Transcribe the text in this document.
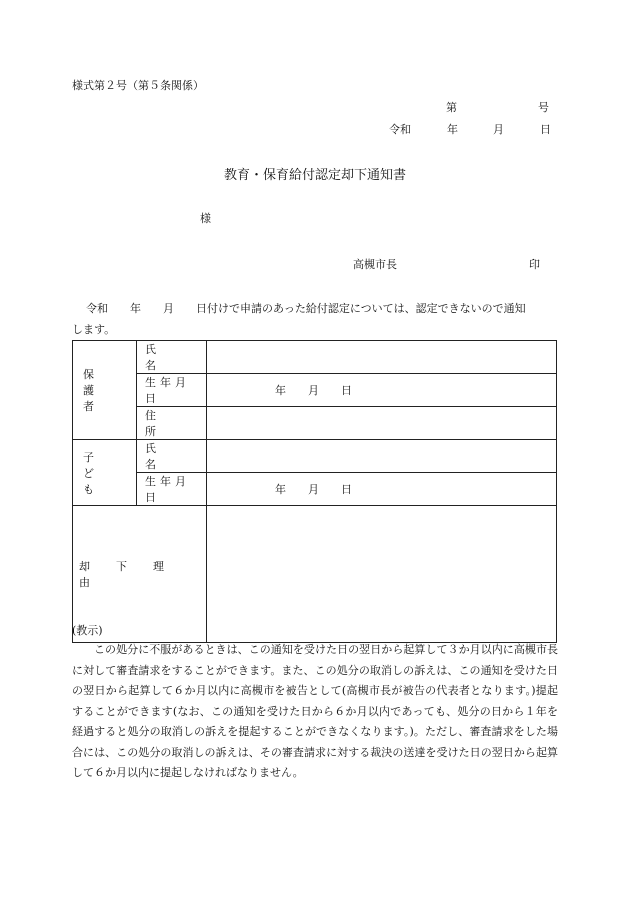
様式第２号（第５条関係）
第	号
令和	年	月	日
教育・保育給付認定却下通知書
様
高槻市長	印
令和　　年　　月　　日付けで申請のあった給付認定については、認定できないので通知
します。
保護者	氏名	

	生年月日	年　　月　　日

	住所	

子ども	氏名	

	生年月日	年　　月　　日

却下理由		

(教示)

この処分に不服があるときは、この通知を受けた日の翌日から起算して３か月以内に高槻市長に対して審査請求をすることができます。また、この処分の取消しの訴えは、この通知を受けた日の翌日から起算して６か月以内に高槻市を被告として(高槻市長が被告の代表者となります。)提起することができます(なお、この通知を受けた日から６か月以内であっても、処分の日から１年を経過すると処分の取消しの訴えを提起することができなくなります。)。ただし、審査請求をした場合には、この処分の取消しの訴えは、その審査請求に対する裁決の送達を受けた日の翌日から起算して６か月以内に提起しなければなりません。
